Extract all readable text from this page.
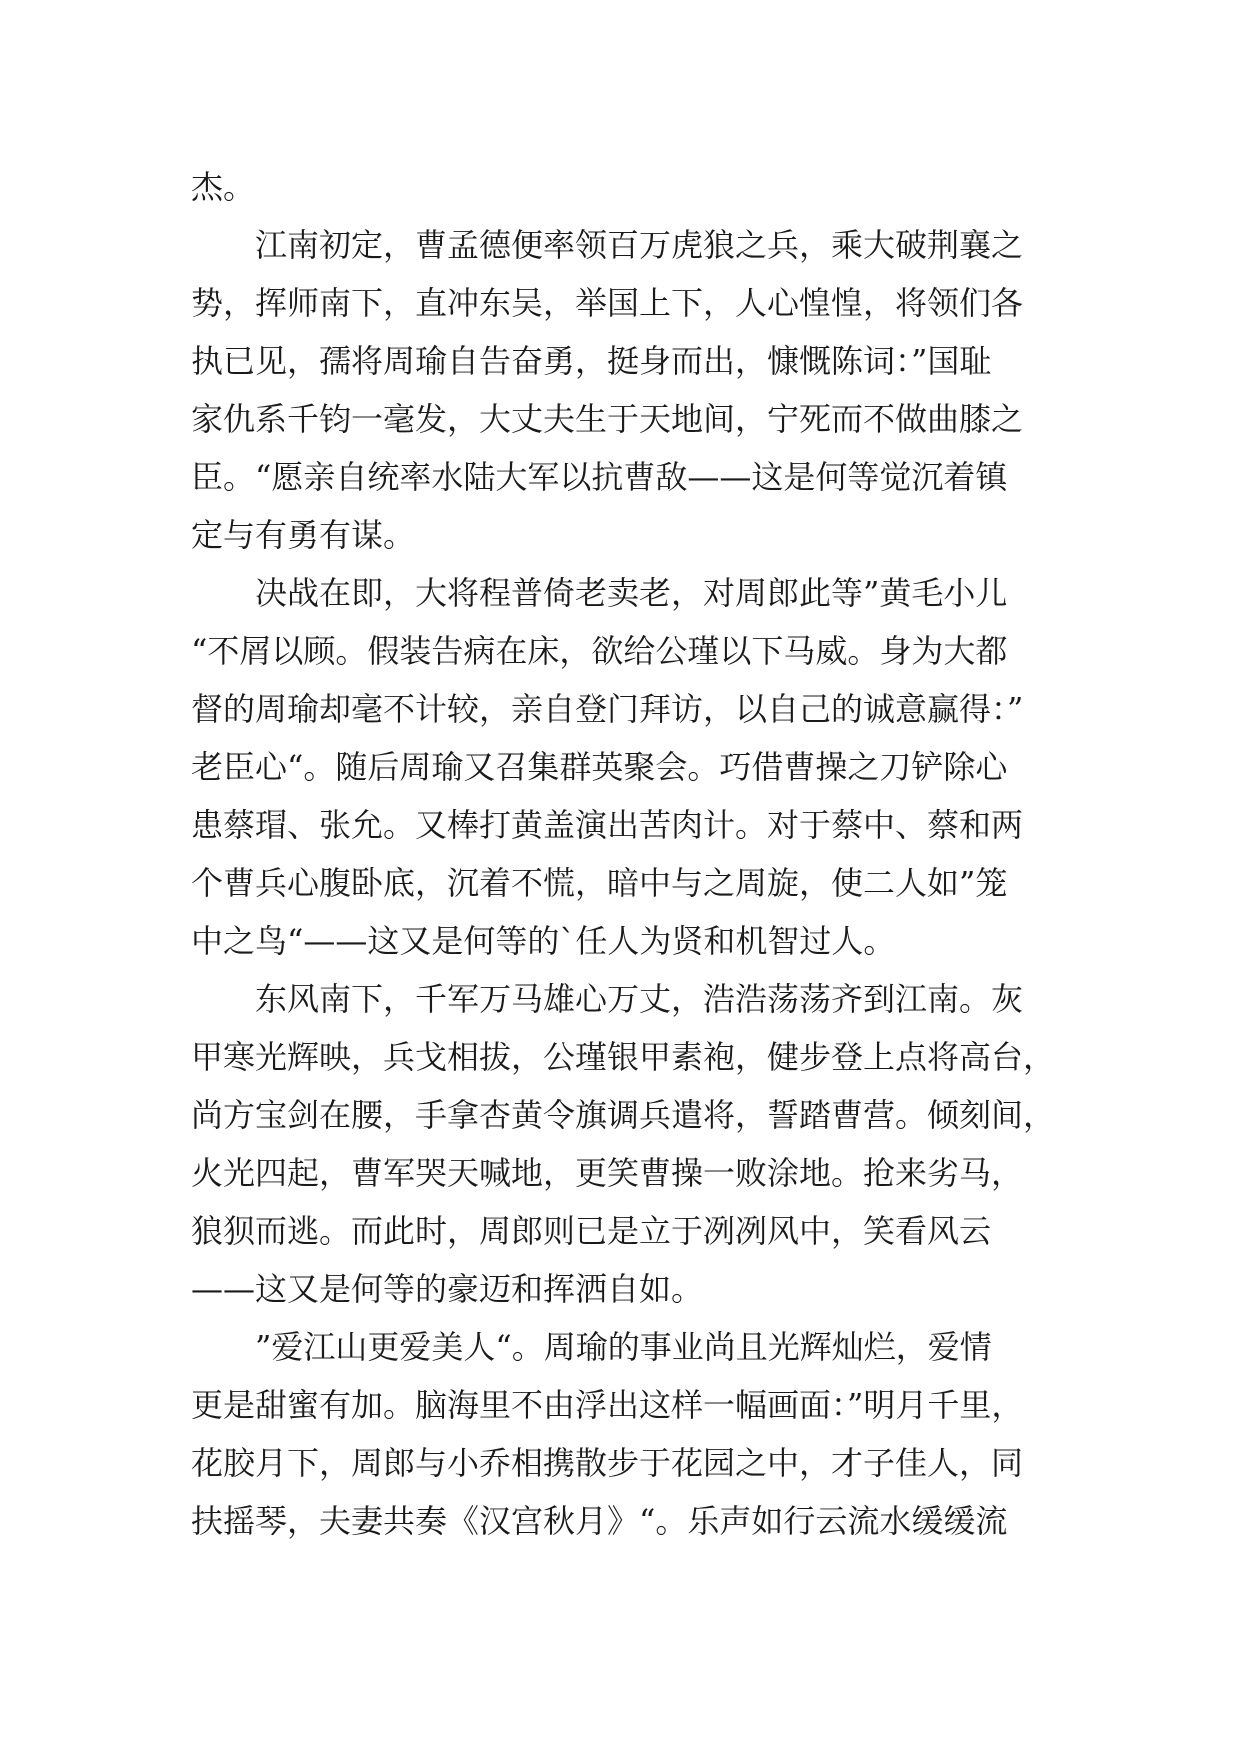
杰。
江南初定，曹孟德便率领百万虎狼之兵，乘大破荆襄之
势，挥师南下，直冲东吴，举国上下，人心惶惶，将领们各
执已见，孺将周瑜自告奋勇，挺身而出，慷慨陈词：”国耻
家仇系千钧一毫发，大丈夫生于天地间，宁死而不做曲膝之
臣。“愿亲自统率水陆大军以抗曹敌——这是何等觉沉着镇
定与有勇有谋。
决战在即，大将程普倚老卖老，对周郎此等”黄毛小儿
“不屑以顾。假装告病在床，欲给公瑾以下马威。身为大都
督的周瑜却毫不计较，亲自登门拜访，以自己的诚意赢得：”
老臣心“。随后周瑜又召集群英聚会。巧借曹操之刀铲除心
患蔡瑁、张允。又棒打黄盖演出苦肉计。对于蔡中、蔡和两
个曹兵心腹卧底，沉着不慌，暗中与之周旋，使二人如”笼
中之鸟“——这又是何等的`任人为贤和机智过人。
东风南下，千军万马雄心万丈，浩浩荡荡齐到江南。灰
甲寒光辉映，兵戈相拔，公瑾银甲素袍，健步登上点将高台，
尚方宝剑在腰，手拿杏黄令旗调兵遣将，誓踏曹营。倾刻间，
火光四起，曹军哭天喊地，更笑曹操一败涂地。抢来劣马，
狼狈而逃。而此时，周郎则已是立于冽冽风中，笑看风云
——这又是何等的豪迈和挥洒自如。
”爱江山更爱美人“。周瑜的事业尚且光辉灿烂，爱情
更是甜蜜有加。脑海里不由浮出这样一幅画面：”明月千里，
花胶月下，周郎与小乔相携散步于花园之中，才子佳人，同
扶摇琴，夫妻共奏《汉宫秋月》“。乐声如行云流水缓缓流
